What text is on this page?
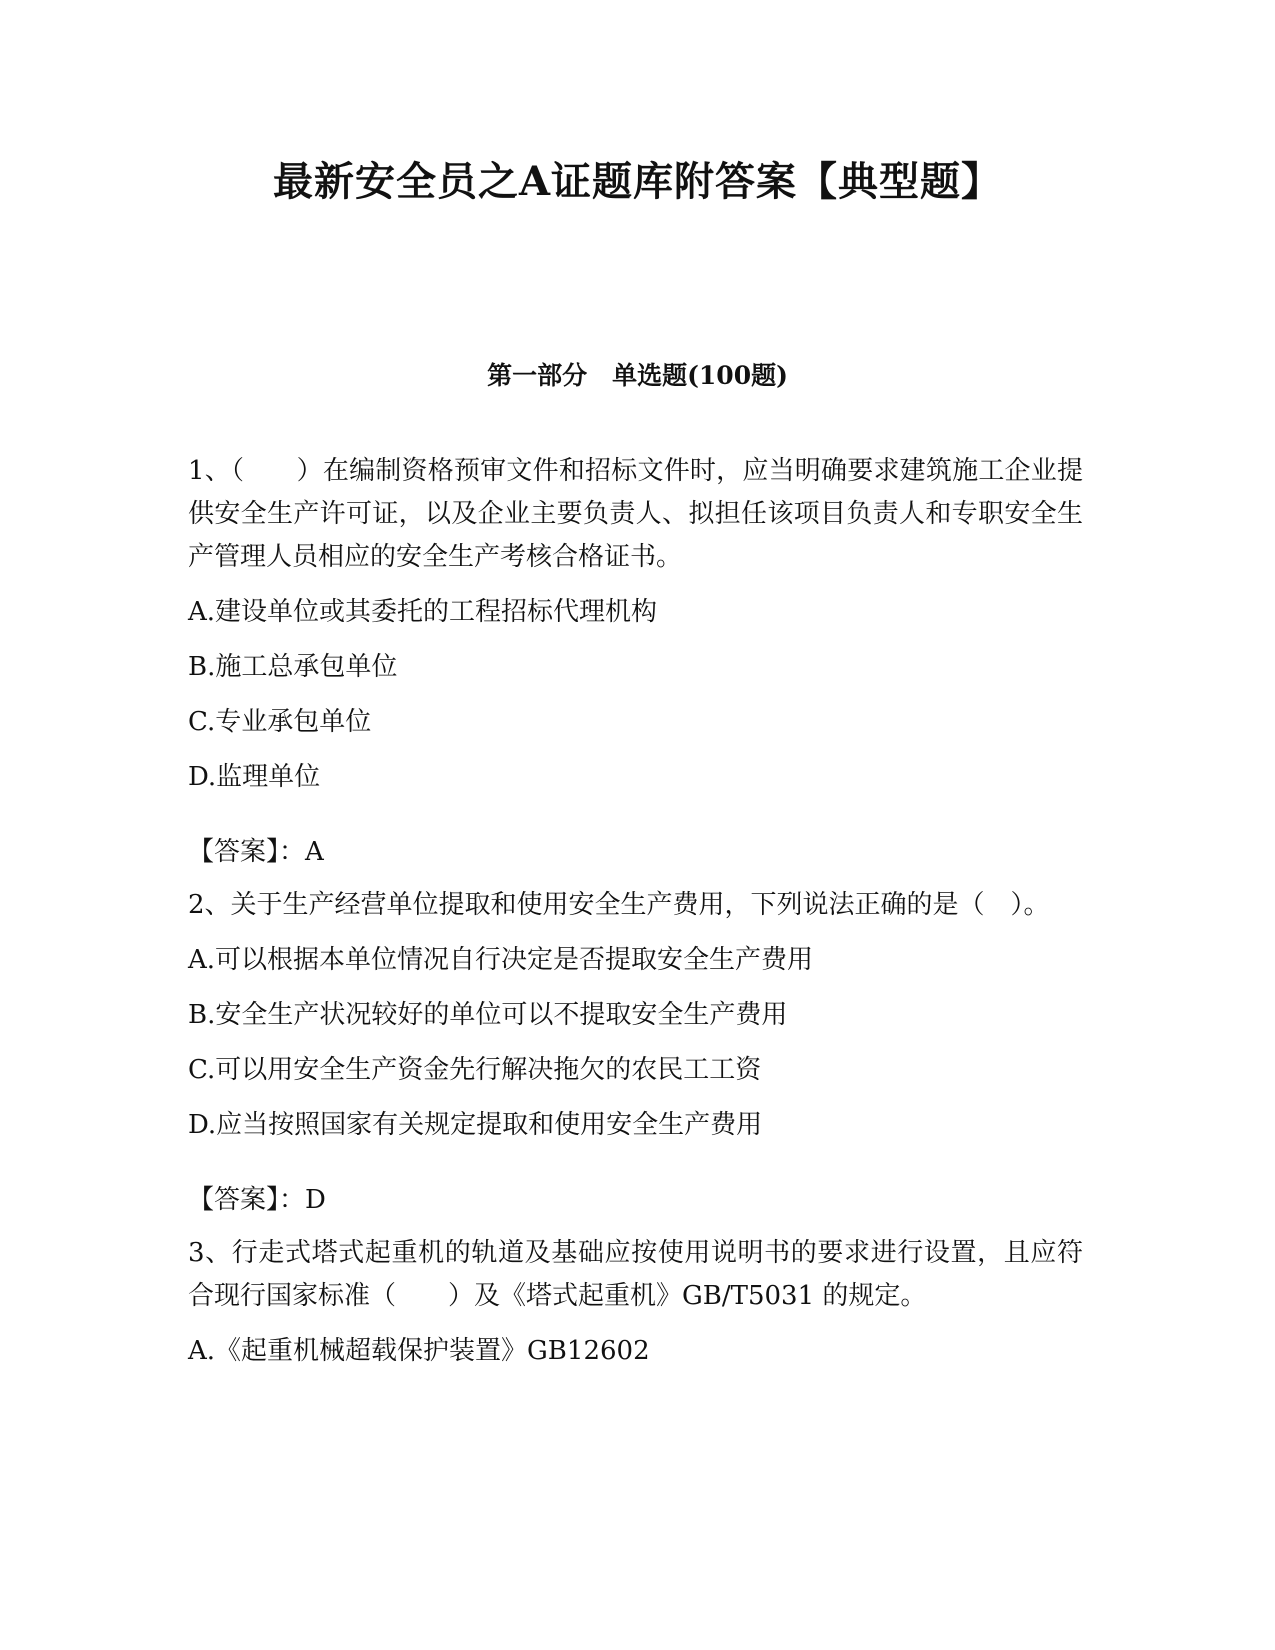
最新安全员之A证题库附答案【典型题】
第一部分　单选题(100题)

1、（　　）在编制资格预审文件和招标文件时，应当明确要求建筑施工企业提供安全生产许可证，以及企业主要负责人、拟担任该项目负责人和专职安全生产管理人员相应的安全生产考核合格证书。

A.建设单位或其委托的工程招标代理机构

B.施工总承包单位

C.专业承包单位

D.监理单位

【答案】：A

2、关于生产经营单位提取和使用安全生产费用，下列说法正确的是（　）。

A.可以根据本单位情况自行决定是否提取安全生产费用

B.安全生产状况较好的单位可以不提取安全生产费用

C.可以用安全生产资金先行解决拖欠的农民工工资

D.应当按照国家有关规定提取和使用安全生产费用

【答案】：D

3、行走式塔式起重机的轨道及基础应按使用说明书的要求进行设置，且应符合现行国家标准（　　）及《塔式起重机》GB/T5031 的规定。

A.《起重机械超载保护装置》GB12602
